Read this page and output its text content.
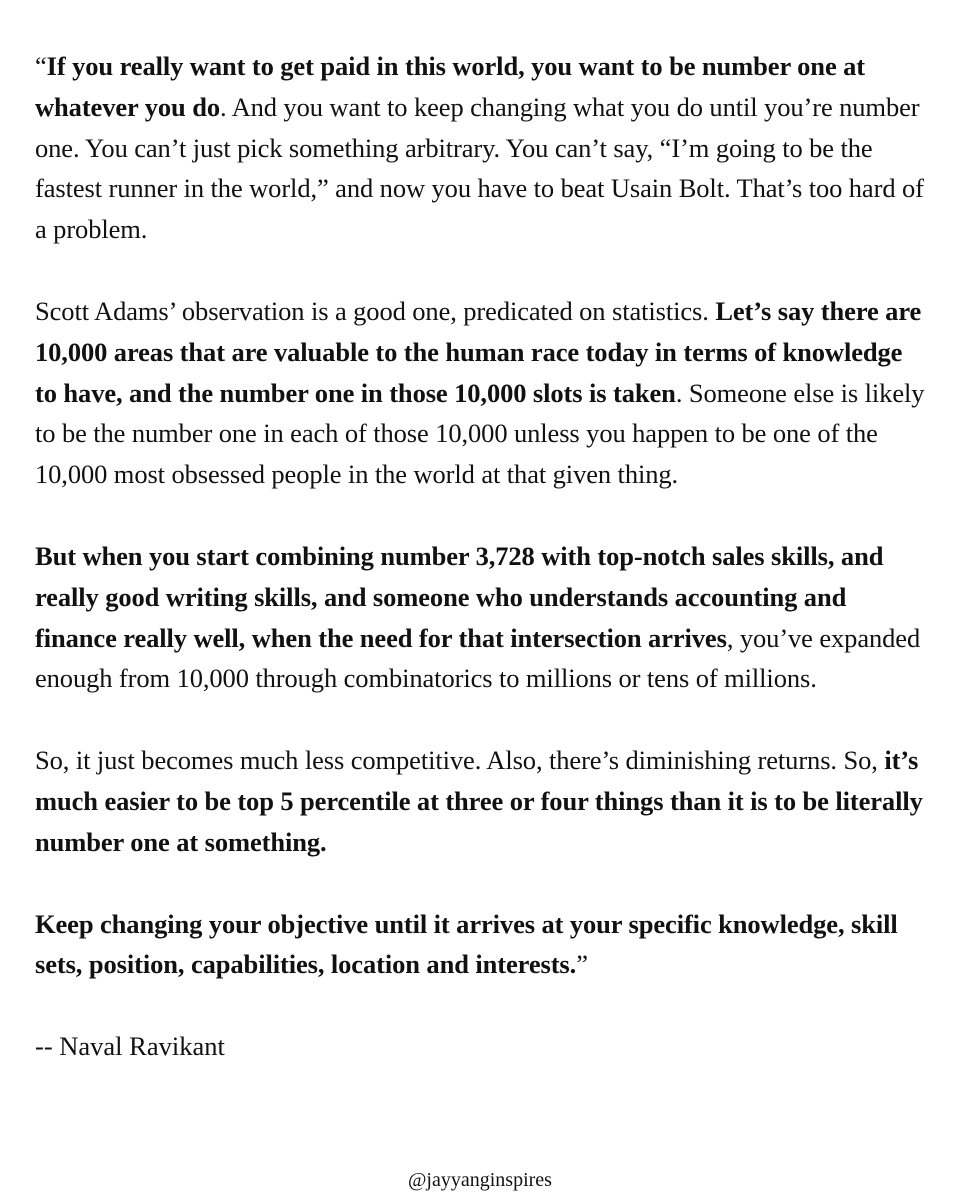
“If you really want to get paid in this world, you want to be number one at whatever you do. And you want to keep changing what you do until you’re number one. You can’t just pick something arbitrary. You can’t say, “I’m going to be the fastest runner in the world,” and now you have to beat Usain Bolt. That’s too hard of a problem.

Scott Adams’ observation is a good one, predicated on statistics. Let’s say there are 10,000 areas that are valuable to the human race today in terms of knowledge to have, and the number one in those 10,000 slots is taken. Someone else is likely to be the number one in each of those 10,000 unless you happen to be one of the 10,000 most obsessed people in the world at that given thing.

But when you start combining number 3,728 with top-notch sales skills, and really good writing skills, and someone who understands accounting and finance really well, when the need for that intersection arrives, you’ve expanded enough from 10,000 through combinatorics to millions or tens of millions.

So, it just becomes much less competitive. Also, there’s diminishing returns. So, it’s much easier to be top 5 percentile at three or four things than it is to be literally number one at something.

Keep changing your objective until it arrives at your specific knowledge, skill sets, position, capabilities, location and interests.”

-- Naval Ravikant

@jayyanginspires
